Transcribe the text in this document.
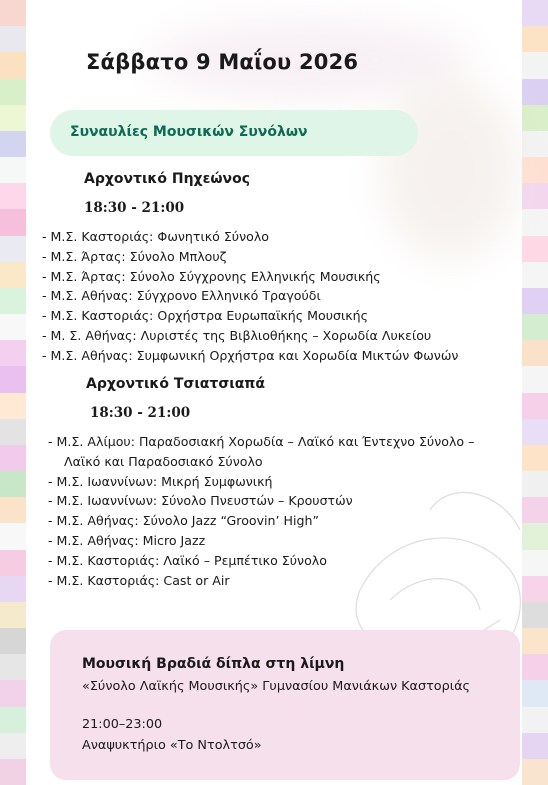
Σάββατο 9 Μαΐου 2026
Συναυλίες Μουσικών Συνόλων
Αρχοντικό Πηχεώνος
18:30 - 21:00
- Μ.Σ. Καστοριάς: Φωνητικό Σύνολο
- Μ.Σ. Άρτας: Σύνολο Μπλουζ
- Μ.Σ. Άρτας: Σύνολο Σύγχρονης Ελληνικής Μουσικής
- Μ.Σ. Αθήνας: Σύγχρονο Ελληνικό Τραγούδι
- Μ.Σ. Καστοριάς: Ορχήστρα Ευρωπαϊκής Μουσικής
- Μ. Σ. Αθήνας: Λυριστές της Βιβλιοθήκης – Χορωδία Λυκείου
- Μ.Σ. Αθήνας: Συμφωνική Ορχήστρα και Χορωδία Μικτών Φωνών
Αρχοντικό Τσιατσιαπά
18:30 - 21:00
- Μ.Σ. Αλίμου: Παραδοσιακή Χορωδία – Λαϊκό και Έντεχνο Σύνολο –
Λαϊκό και Παραδοσιακό Σύνολο
- Μ.Σ. Ιωαννίνων: Μικρή Συμφωνική
- Μ.Σ. Ιωαννίνων: Σύνολο Πνευστών – Κρουστών
- Μ.Σ. Αθήνας: Σύνολο Jazz “Groovin’ High”
- Μ.Σ. Αθήνας: Micro Jazz
- Μ.Σ. Καστοριάς: Λαϊκό – Ρεμπέτικο Σύνολο
- Μ.Σ. Καστοριάς: Cast or Air
Μουσική Βραδιά δίπλα στη λίμνη
«Σύνολο Λαϊκής Μουσικής» Γυμνασίου Μανιάκων Καστοριάς
21:00–23:00
Αναψυκτήριο «Το Ντολτσό»
